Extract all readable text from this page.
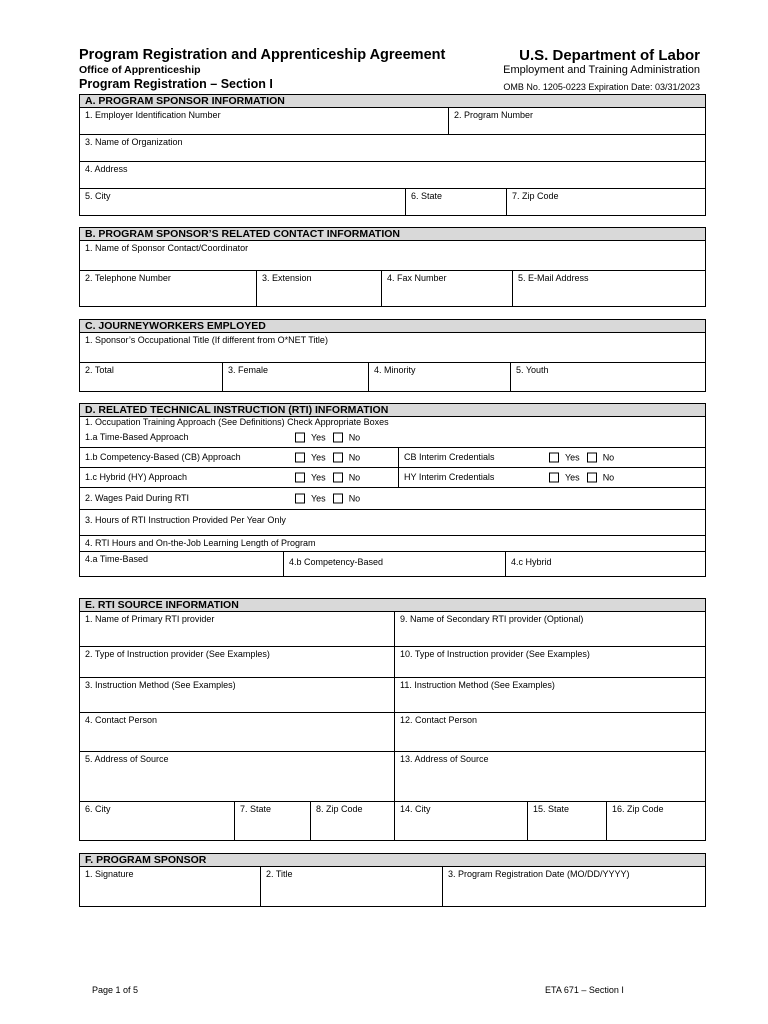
Program Registration and Apprenticeship Agreement
Office of Apprenticeship
Program Registration – Section I
U.S. Department of Labor
Employment and Training Administration
OMB No. 1205-0223 Expiration Date: 03/31/2023
A. PROGRAM SPONSOR INFORMATION
1. Employer Identification Number	2. Program Number
3. Name of Organization
4. Address
5. City	6. State	7. Zip Code
B. PROGRAM SPONSOR’S RELATED CONTACT INFORMATION
1. Name of Sponsor Contact/Coordinator
2. Telephone Number	3. Extension	4. Fax Number	5. E-Mail Address
C. JOURNEYWORKERS EMPLOYED
1. Sponsor’s Occupational Title (If different from O*NET Title)
2. Total	3. Female	4. Minority	5. Youth
D. RELATED TECHNICAL INSTRUCTION (RTI) INFORMATION
1. Occupation Training Approach (See Definitions) Check Appropriate Boxes
1.a Time-Based Approach	Yes	No
1.b Competency-Based (CB) Approach	Yes	No	CB Interim Credentials	Yes	No
1.c Hybrid (HY) Approach	Yes	No	HY Interim Credentials	Yes	No
2. Wages Paid During RTI	Yes	No
3. Hours of RTI Instruction Provided Per Year Only
4. RTI Hours and On-the-Job Learning Length of Program
4.a Time-Based	4.b Competency-Based	4.c Hybrid
E. RTI SOURCE INFORMATION
1. Name of Primary RTI provider	9. Name of Secondary RTI provider (Optional)
2. Type of Instruction provider (See Examples)	10. Type of Instruction provider (See Examples)
3. Instruction Method (See Examples)	11. Instruction Method (See Examples)
4. Contact Person	12. Contact Person
5. Address of Source	13. Address of Source
6. City	7. State	8. Zip Code	14. City	15. State	16. Zip Code
F. PROGRAM SPONSOR
1. Signature	2. Title	3. Program Registration Date (MO/DD/YYYY)
Page 1 of 5	ETA 671 – Section I
